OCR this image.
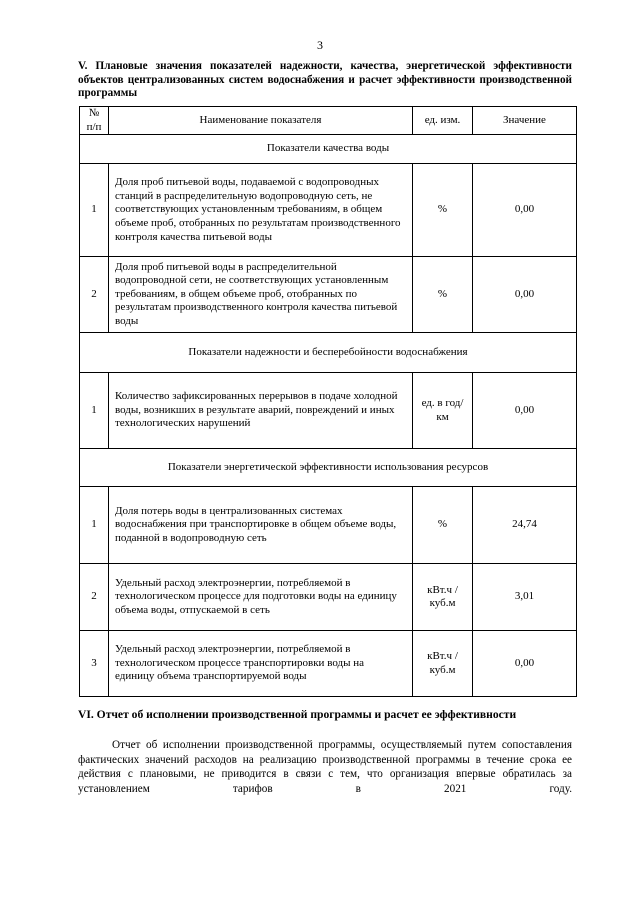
3
V. Плановые значения показателей надежности, качества, энергетической эффективности объектов централизованных систем водоснабжения и расчет эффективности производственной программы
№ п/п	Наименование показателя	ед. изм.	Значение
Показатели качества воды			
1	Доля проб питьевой воды, подаваемой с водопроводных станций в распределительную водопроводную сеть, не соответствующих установленным требованиям, в общем объеме проб, отобранных по результатам производственного контроля качества питьевой воды	%	0,00
2	Доля проб питьевой воды в распределительной водопроводной сети, не соответствующих установленным требованиям, в общем объеме проб, отобранных по результатам производственного контроля качества питьевой воды	%	0,00
Показатели надежности и бесперебойности водоснабжения			
1	Количество зафиксированных перерывов в подаче холодной воды, возникших в результате аварий, повреждений и иных технологических нарушений	ед. в год/ км	0,00
Показатели энергетической эффективности использования ресурсов			
1	Доля потерь воды в централизованных системах водоснабжения при транспортировке в общем объеме воды, поданной в водопроводную сеть	%	24,74
2	Удельный расход электроэнергии, потребляемой в технологическом процессе для подготовки воды на единицу объема воды, отпускаемой в сеть	кВт.ч / куб.м	3,01
3	Удельный расход электроэнергии, потребляемой в технологическом процессе транспортировки воды на единицу объема транспортируемой воды	кВт.ч / куб.м	0,00
VI. Отчет об исполнении производственной программы и расчет ее эффективности
Отчет об исполнении производственной программы, осуществляемый путем сопоставления фактических значений расходов на реализацию производственной программы в течение срока ее действия с плановыми, не приводится в связи с тем, что организация впервые обратилась за установлением тарифов в 2021 году.
